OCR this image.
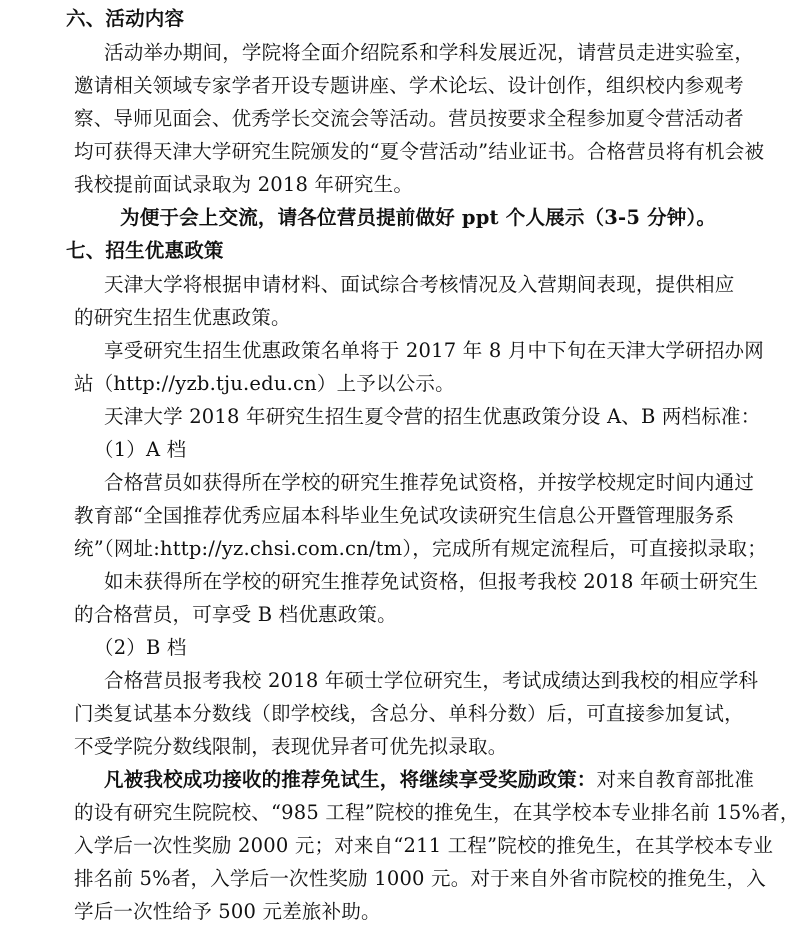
六、活动内容
活动举办期间，学院将全面介绍院系和学科发展近况，请营员走进实验室，
邀请相关领域专家学者开设专题讲座、学术论坛、设计创作，组织校内参观考
察、导师见面会、优秀学长交流会等活动。营员按要求全程参加夏令营活动者
均可获得天津大学研究生院颁发的“夏令营活动”结业证书。合格营员将有机会被
我校提前面试录取为 2018 年研究生。
为便于会上交流，请各位营员提前做好 ppt 个人展示（3-5 分钟）。
七、招生优惠政策
天津大学将根据申请材料、面试综合考核情况及入营期间表现，提供相应
的研究生招生优惠政策。
享受研究生招生优惠政策名单将于 2017 年 8 月中下旬在天津大学研招办网
站（http://yzb.tju.edu.cn）上予以公示。
天津大学 2018 年研究生招生夏令营的招生优惠政策分设 A、B 两档标准：
（1）A 档
合格营员如获得所在学校的研究生推荐免试资格，并按学校规定时间内通过
教育部“全国推荐优秀应届本科毕业生免试攻读研究生信息公开暨管理服务系
统”（网址:http://yz.chsi.com.cn/tm），完成所有规定流程后，可直接拟录取；
如未获得所在学校的研究生推荐免试资格，但报考我校 2018 年硕士研究生
的合格营员，可享受 B 档优惠政策。
（2）B 档
合格营员报考我校 2018 年硕士学位研究生，考试成绩达到我校的相应学科
门类复试基本分数线（即学校线，含总分、单科分数）后，可直接参加复试，
不受学院分数线限制，表现优异者可优先拟录取。
凡被我校成功接收的推荐免试生，将继续享受奖励政策：对来自教育部批准
的设有研究生院院校、“985 工程”院校的推免生，在其学校本专业排名前 15%者，
入学后一次性奖励 2000 元；对来自“211 工程”院校的推免生，在其学校本专业
排名前 5%者，入学后一次性奖励 1000 元。对于来自外省市院校的推免生，入
学后一次性给予 500 元差旅补助。
